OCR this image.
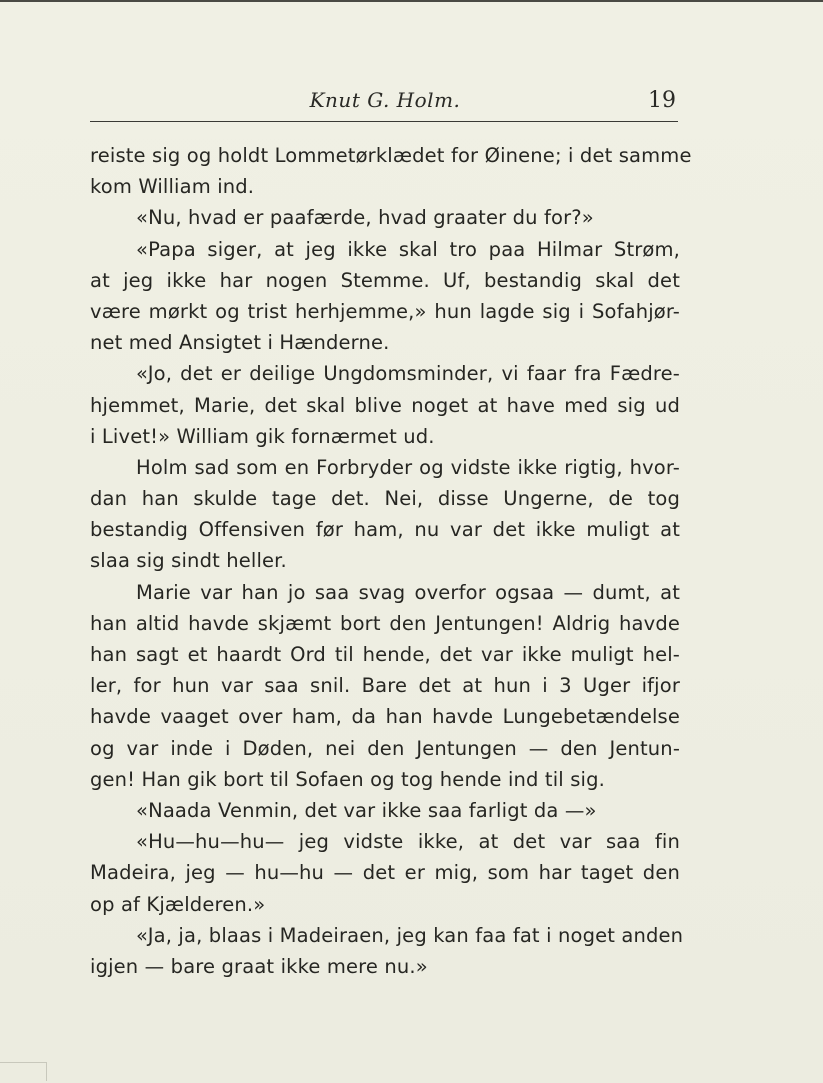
Knut G. Holm.	19
reiste sig og holdt Lommetørklædet for Øinene; i det samme
kom William ind.
«Nu, hvad er paafærde, hvad graater du for?»
«Papa siger, at jeg ikke skal tro paa Hilmar Strøm,
at jeg ikke har nogen Stemme. Uf, bestandig skal det
være mørkt og trist herhjemme,» hun lagde sig i Sofahjør-
net med Ansigtet i Hænderne.
«Jo, det er deilige Ungdomsminder, vi faar fra Fædre-
hjemmet, Marie, det skal blive noget at have med sig ud
i Livet!» William gik fornærmet ud.
Holm sad som en Forbryder og vidste ikke rigtig, hvor-
dan han skulde tage det. Nei, disse Ungerne, de tog
bestandig Offensiven før ham, nu var det ikke muligt at
slaa sig sindt heller.
Marie var han jo saa svag overfor ogsaa — dumt, at
han altid havde skjæmt bort den Jentungen! Aldrig havde
han sagt et haardt Ord til hende, det var ikke muligt hel-
ler, for hun var saa snil. Bare det at hun i 3 Uger ifjor
havde vaaget over ham, da han havde Lungebetændelse
og var inde i Døden, nei den Jentungen — den Jentun-
gen! Han gik bort til Sofaen og tog hende ind til sig.
«Naada Venmin, det var ikke saa farligt da —»
«Hu—hu—hu— jeg vidste ikke, at det var saa fin
Madeira, jeg — hu—hu — det er mig, som har taget den
op af Kjælderen.»
«Ja, ja, blaas i Madeiraen, jeg kan faa fat i noget anden
igjen — bare graat ikke mere nu.»
